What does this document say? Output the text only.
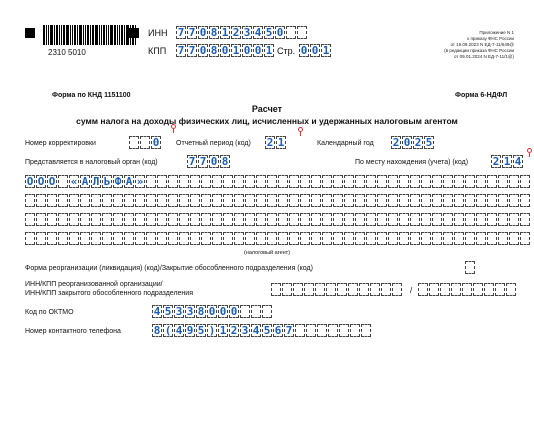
2310 5010
ИНН 7 7 0 8 1 2 3 4 5 0
КПП 7 7 0 8 0 1 0 0 1 Стр. 0 0 1
Приложение N 1
к приказу ФНС России
от 19.09.2023 N ЕД-7-11/649@
(в редакции приказа ФНС России
от 09.01.2024 N ЕД-7-11/1@)
Форма по КНД 1151100	Форма 6-НДФЛ
Расчет
сумм налога на доходы физических лиц, исчисленных и удержанных налоговым агентом
Номер корректировки	0 Отчетный период (код) 2 1	Календарный год 2 0 2 5
Представляется в налоговый орган (код)	7 7 0 8	По месту нахождения (учета) (код) 2 1 4
О О О « А Л Ь Ф А »
(налоговый агент)
Форма реорганизации (ликвидация) (код)/Закрытие обособленного подразделения (код)
ИНН/КПП реорганизованной организации/
ИНН/КПП закрытого обособленного подразделения	/
Код по ОКТМО	4 5 3 3 8 0 0 0
Номер контактного телефона	8 ( 4 9 5 ) 1 2 3 4 5 6 7
